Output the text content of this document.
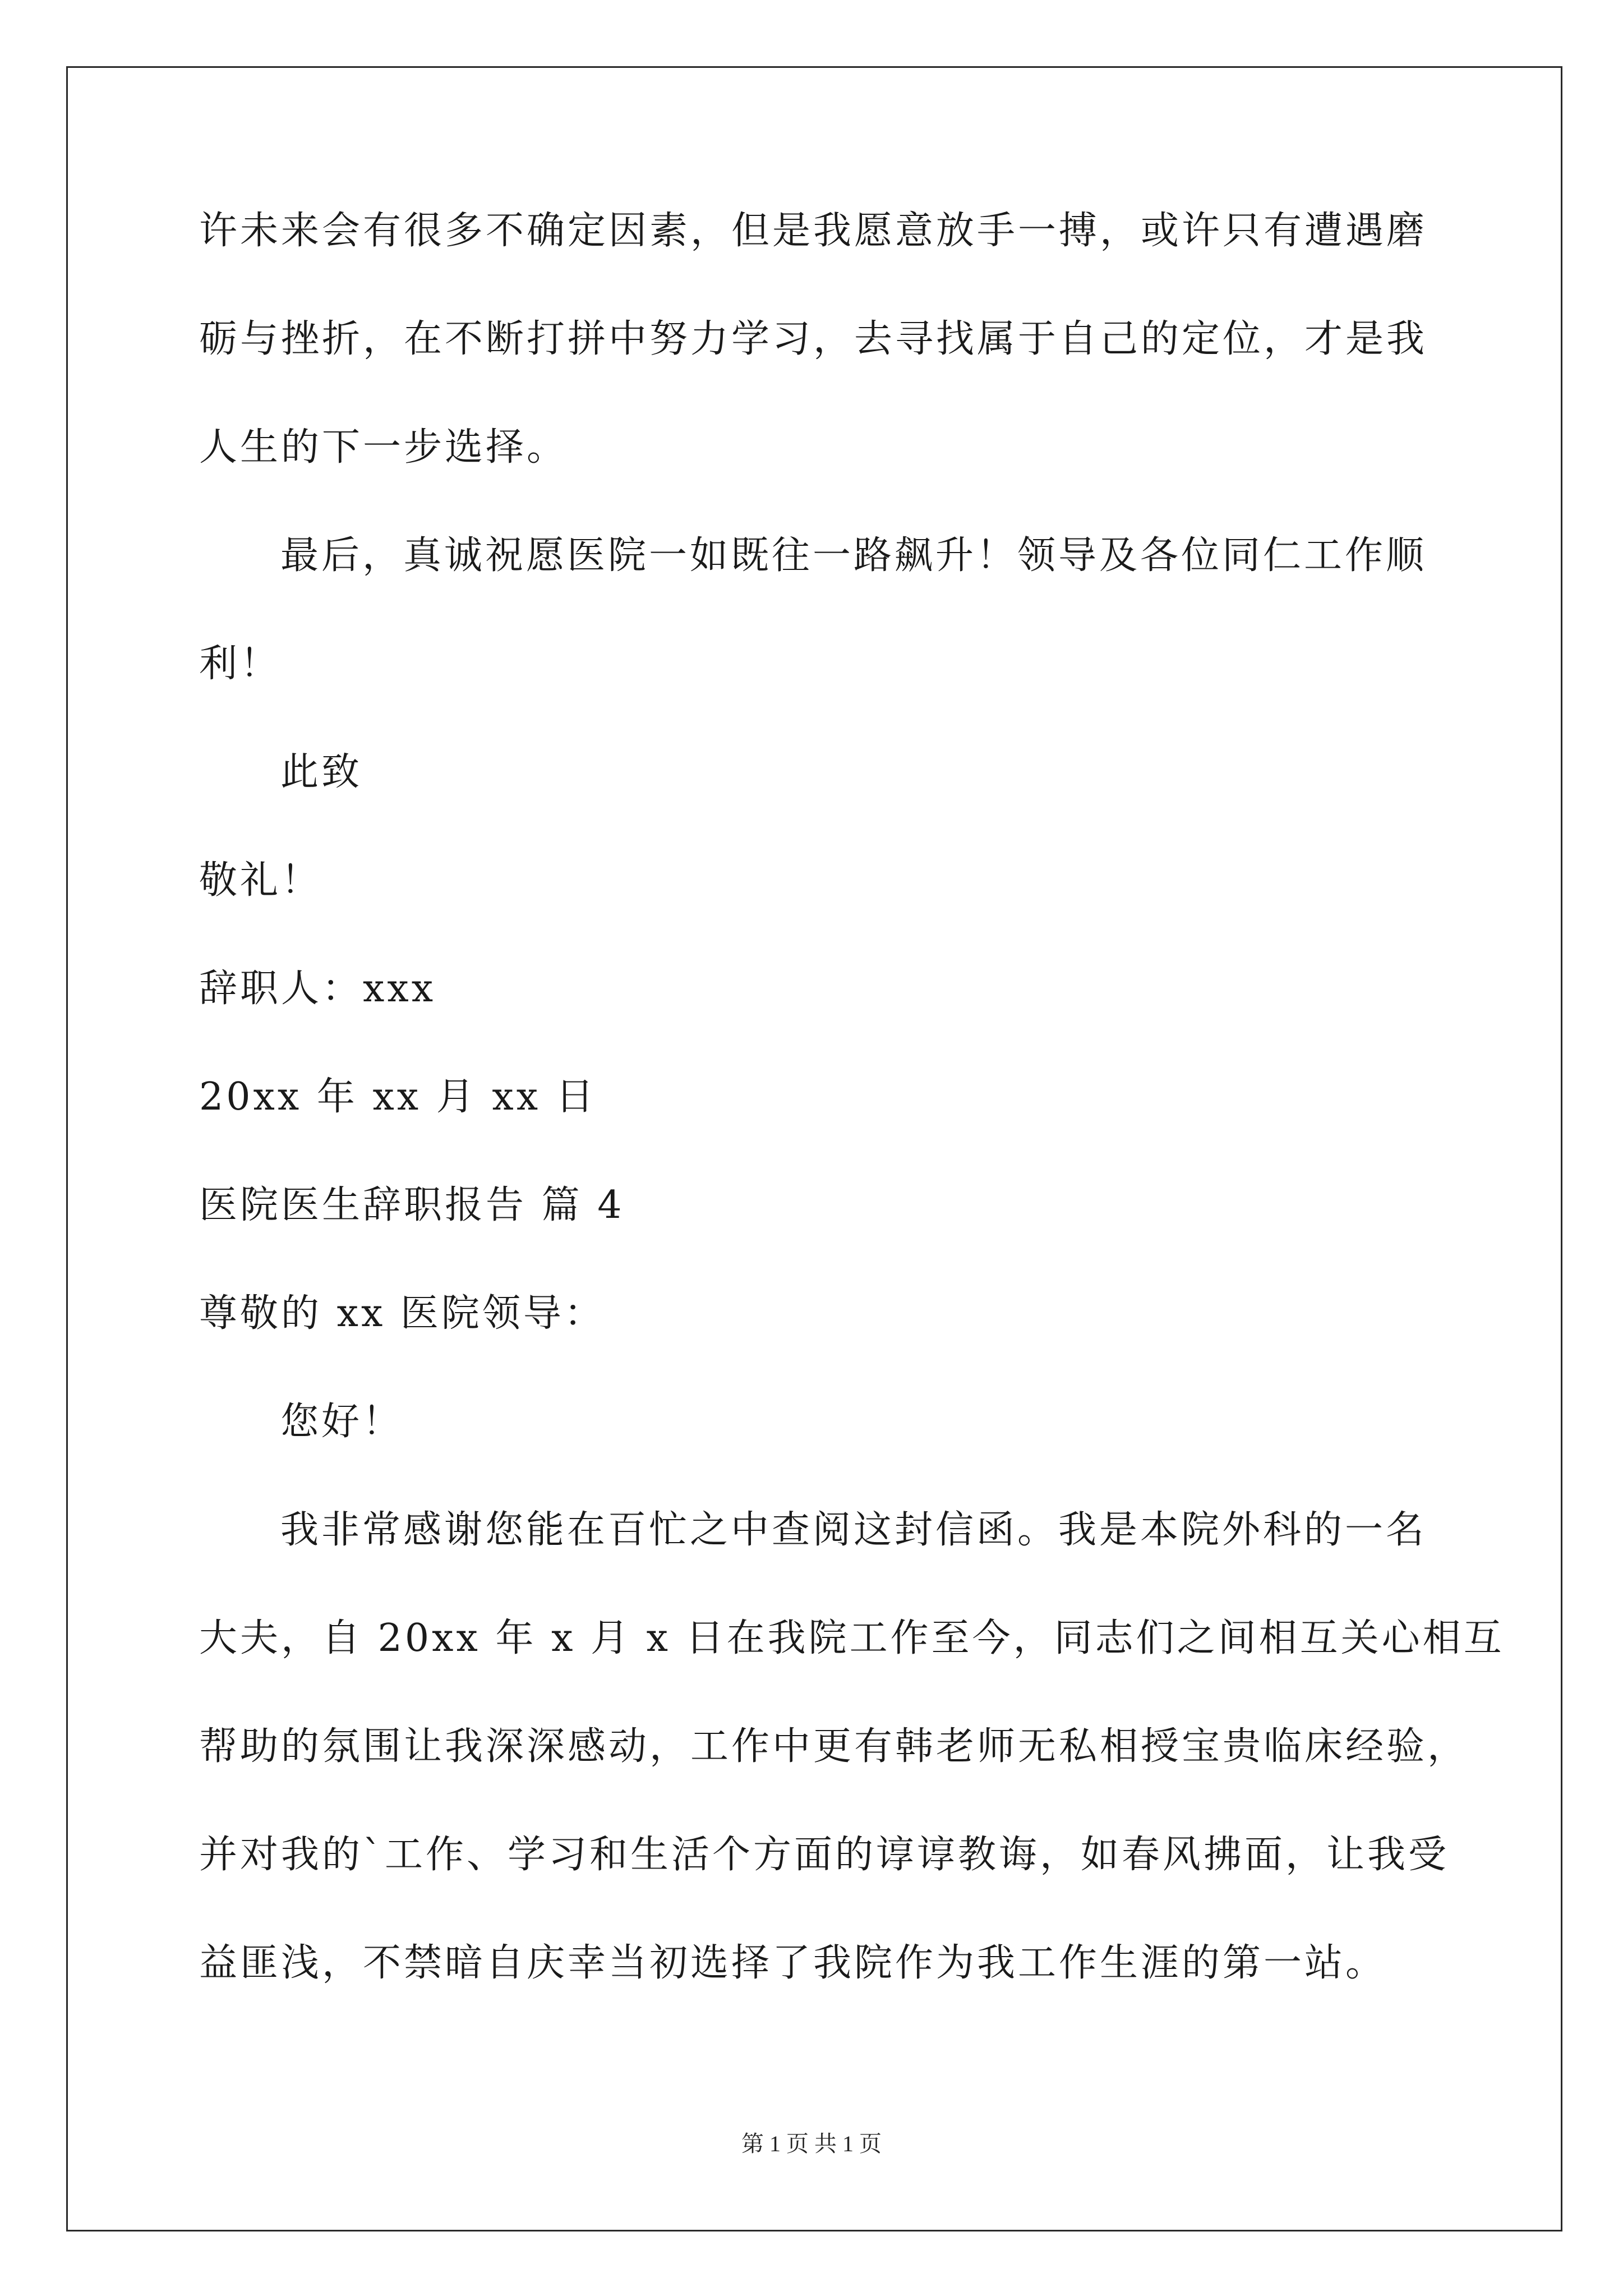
许未来会有很多不确定因素，但是我愿意放手一搏，或许只有遭遇磨
砺与挫折，在不断打拼中努力学习，去寻找属于自己的定位，才是我
人生的下一步选择。
最后，真诚祝愿医院一如既往一路飙升！领导及各位同仁工作顺
利！
此致
敬礼！
辞职人：xxx
20xx 年 xx 月 xx 日
医院医生辞职报告 篇 4
尊敬的 xx 医院领导：
您好！
我非常感谢您能在百忙之中查阅这封信函。我是本院外科的一名
大夫，自 20xx 年 x 月 x 日在我院工作至今，同志们之间相互关心相互
帮助的氛围让我深深感动，工作中更有韩老师无私相授宝贵临床经验，
并对我的`工作、学习和生活个方面的谆谆教诲，如春风拂面，让我受
益匪浅，不禁暗自庆幸当初选择了我院作为我工作生涯的第一站。
第 1 页 共 1 页
